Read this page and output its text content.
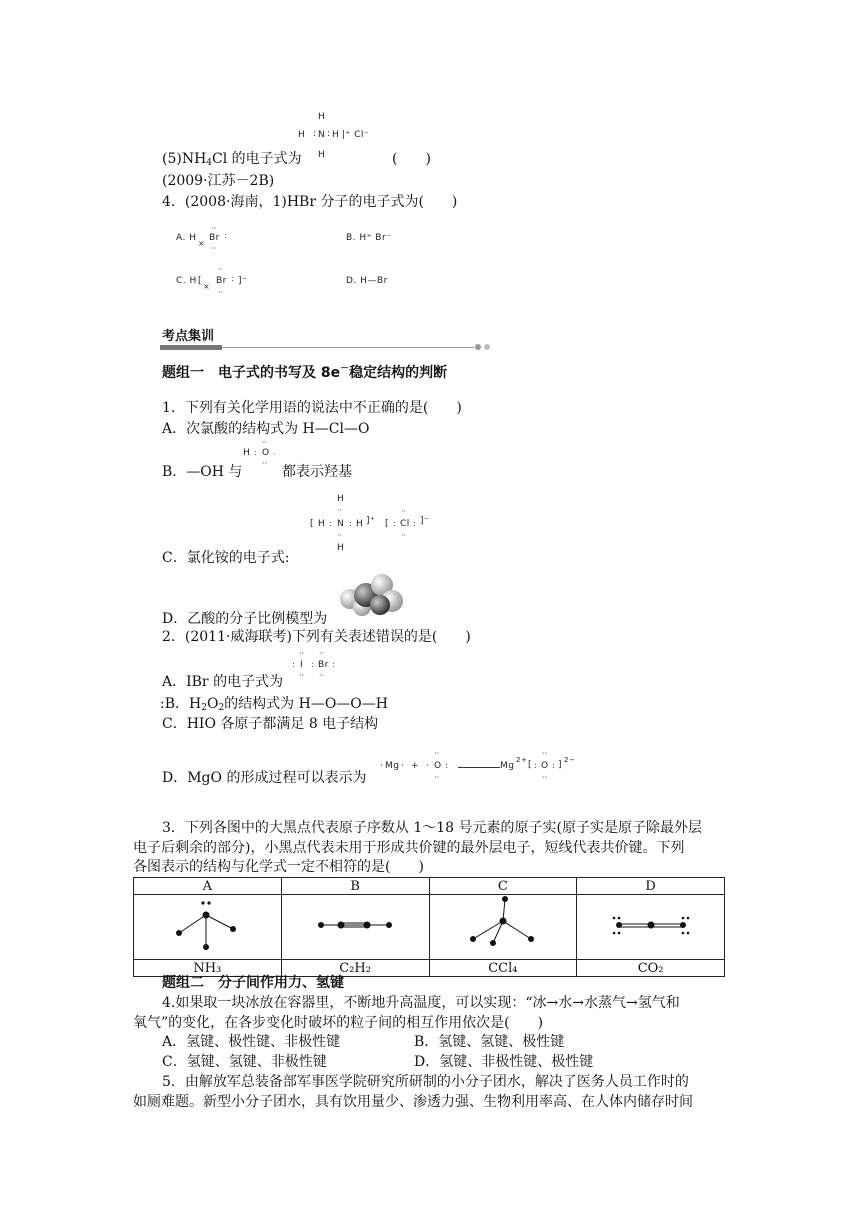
H
H : N : H |⁺ Cl⁻
H
$(5)NH_4Cl$ 的电子式为	(　　)
(2009·江苏－2B)
4．(2008·海南，1)HBr 分子的电子式为(　　)
A. H
×
··
Br :
··
B. H⁺ Br⁻
C. H [
×
··
Br :
··
]⁻	D. H—Br
考点集训
题组一　电子式的书写及 8e－稳定结构的判断
1．下列有关化学用语的说法中不正确的是(　　)
A．次氯酸的结构式为 H—Cl—O
··
H : O ·
··
B．—OH 与	都表示羟基
H
··
[ H : N : H ]⁺ [ :
··
Cl :
··
]⁻
··
H
C．氯化铵的电子式:
D．乙酸的分子比例模型为
2．(2011·威海联考)下列有关表述错误的是(　　)
·· ··
: I : Br :
·· ··
A．IBr 的电子式为
:B．$H_2O_2$的结构式为 H—O—O—H
C．HIO 各原子都满足 8 电子结构
· Mg · +
··
· O :
··
Mg
2+ [ :
··
O :
··
] 2−
D．MgO 的形成过程可以表示为
3．下列各图中的大黑点代表原子序数从 1～18 号元素的原子实(原子实是原子除最外层
电子后剩余的部分)，小黑点代表未用于形成共价键的最外层电子，短线代表共价键。下列
各图表示的结构与化学式一定不相符的是(　　)
A	B	C	D

NH₃	C₂H₂	CCl₄	CO₂
题组二　分子间作用力、氢键
4.如果取一块冰放在容器里，不断地升高温度，可以实现：“冰→水→水蒸气→氢气和
氧气”的变化，在各步变化时破坏的粒子间的相互作用依次是(　　)
A．氢键、极性键、非极性键	B．氢键、氢键、极性键
C．氢键、氢键、非极性键	D．氢键、非极性键、极性键
5．由解放军总装备部军事医学院研究所研制的小分子团水，解决了医务人员工作时的
如厕难题。新型小分子团水，具有饮用量少、渗透力强、生物利用率高、在人体内储存时间
